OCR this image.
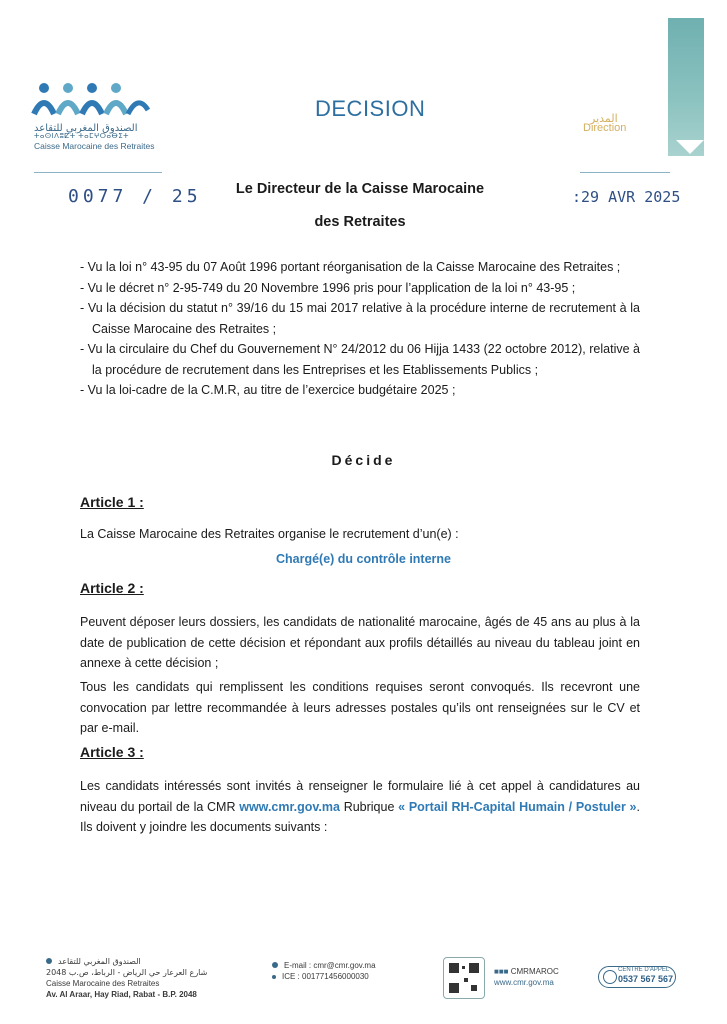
الصندوق المغربي للتقاعد
ⵜⴰⵙⵏⴷⵓⵇⵜ ⵜⴰⵎⵖⵔⴰⴱⵉⵜ
Caisse Marocaine des Retraites
DECISION	المدير
Direction
0077 / 25	:29 AVR 2025
Le Directeur de la Caisse Marocaine
des Retraites
- Vu la loi n° 43-95 du 07 Août 1996 portant réorganisation de la Caisse Marocaine des Retraites ;
- Vu le décret n° 2-95-749 du 20 Novembre 1996 pris pour l’application de la loi n° 43-95 ;
- Vu la décision du statut n° 39/16 du 15 mai 2017 relative à la procédure interne de recrutement à la Caisse Marocaine des Retraites ;
- Vu la circulaire du Chef du Gouvernement N° 24/2012 du 06 Hijja 1433 (22 octobre 2012), relative à la procédure de recrutement dans les Entreprises et les Etablissements Publics ;
- Vu la loi-cadre de la C.M.R, au titre de l’exercice budgétaire 2025 ;
Décide
Article 1 :
La Caisse Marocaine des Retraites organise le recrutement d’un(e) :
Chargé(e) du contrôle interne
Article 2 :
Peuvent déposer leurs dossiers, les candidats de nationalité marocaine, âgés de 45 ans au plus à la date de publication de cette décision et répondant aux profils détaillés au niveau du tableau joint en annexe à cette décision ;
Tous les candidats qui remplissent les conditions requises seront convoqués. Ils recevront une convocation par lettre recommandée à leurs adresses postales qu’ils ont renseignées sur le CV et par e-mail.
Article 3 :
Les candidats intéressés sont invités à renseigner le formulaire lié à cet appel à candidatures au niveau du portail de la CMR www.cmr.gov.ma Rubrique « Portail RH-Capital Humain / Postuler ». Ils doivent y joindre les documents suivants :
الصندوق المغربي للتقاعد
شارع العرعار حي الرياض - الرباط، ص.ب 2048
Caisse Marocaine des Retraites
Av. Al Araar, Hay Riad, Rabat - B.P. 2048
E-mail : cmr@cmr.gov.ma
ICE : 001771456000030
■■■ CMRMAROC
www.cmr.gov.ma
CENTRE D'APPEL
0537 567 567
